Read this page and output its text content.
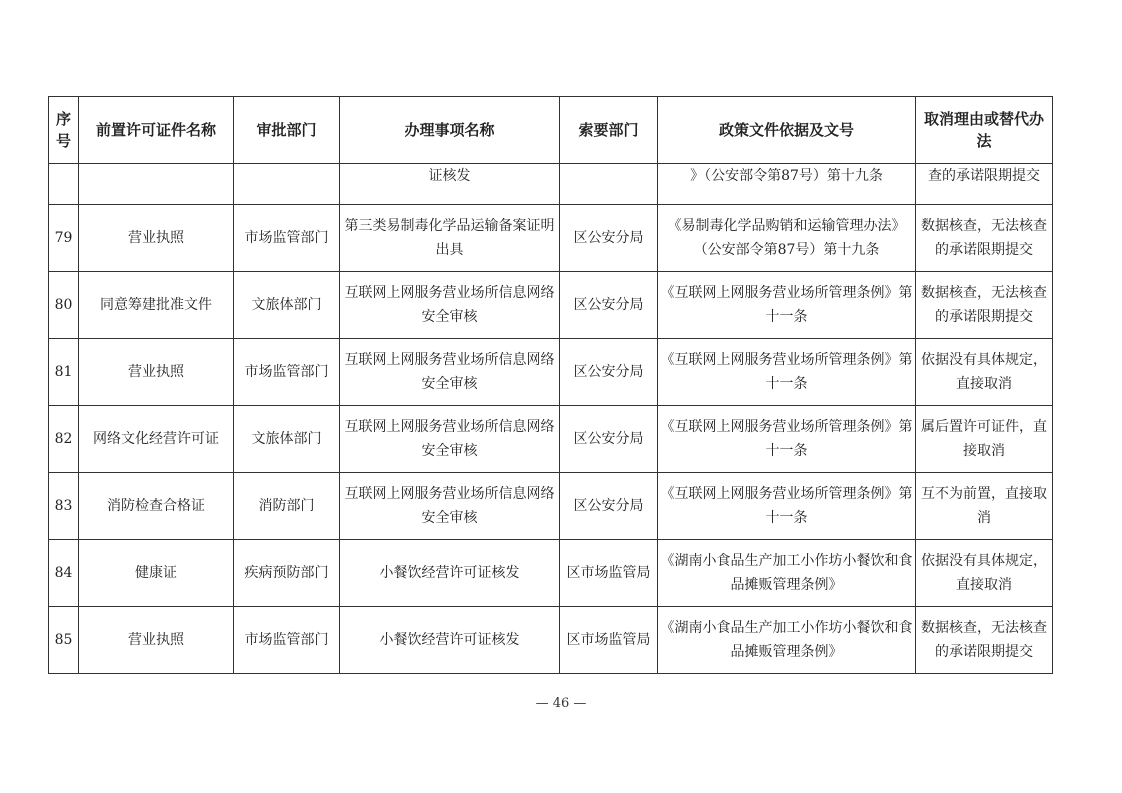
序号	前置许可证件名称	审批部门	办理事项名称	索要部门	政策文件依据及文号	取消理由或替代办法
			证核发		》（公安部令第87号）第十九条	查的承诺限期提交
79	营业执照	市场监管部门	第三类易制毒化学品运输备案证明出具	区公安分局	《易制毒化学品购销和运输管理办法》（公安部令第87号）第十九条	数据核查，无法核查的承诺限期提交
80	同意筹建批准文件	文旅体部门	互联网上网服务营业场所信息网络安全审核	区公安分局	《互联网上网服务营业场所管理条例》第十一条	数据核查，无法核查的承诺限期提交
81	营业执照	市场监管部门	互联网上网服务营业场所信息网络安全审核	区公安分局	《互联网上网服务营业场所管理条例》第十一条	依据没有具体规定，直接取消
82	网络文化经营许可证	文旅体部门	互联网上网服务营业场所信息网络安全审核	区公安分局	《互联网上网服务营业场所管理条例》第十一条	属后置许可证件，直接取消
83	消防检查合格证	消防部门	互联网上网服务营业场所信息网络安全审核	区公安分局	《互联网上网服务营业场所管理条例》第十一条	互不为前置，直接取消
84	健康证	疾病预防部门	小餐饮经营许可证核发	区市场监管局	《湖南小食品生产加工小作坊小餐饮和食品摊贩管理条例》	依据没有具体规定，直接取消
85	营业执照	市场监管部门	小餐饮经营许可证核发	区市场监管局	《湖南小食品生产加工小作坊小餐饮和食品摊贩管理条例》	数据核查，无法核查的承诺限期提交
— 46 —
